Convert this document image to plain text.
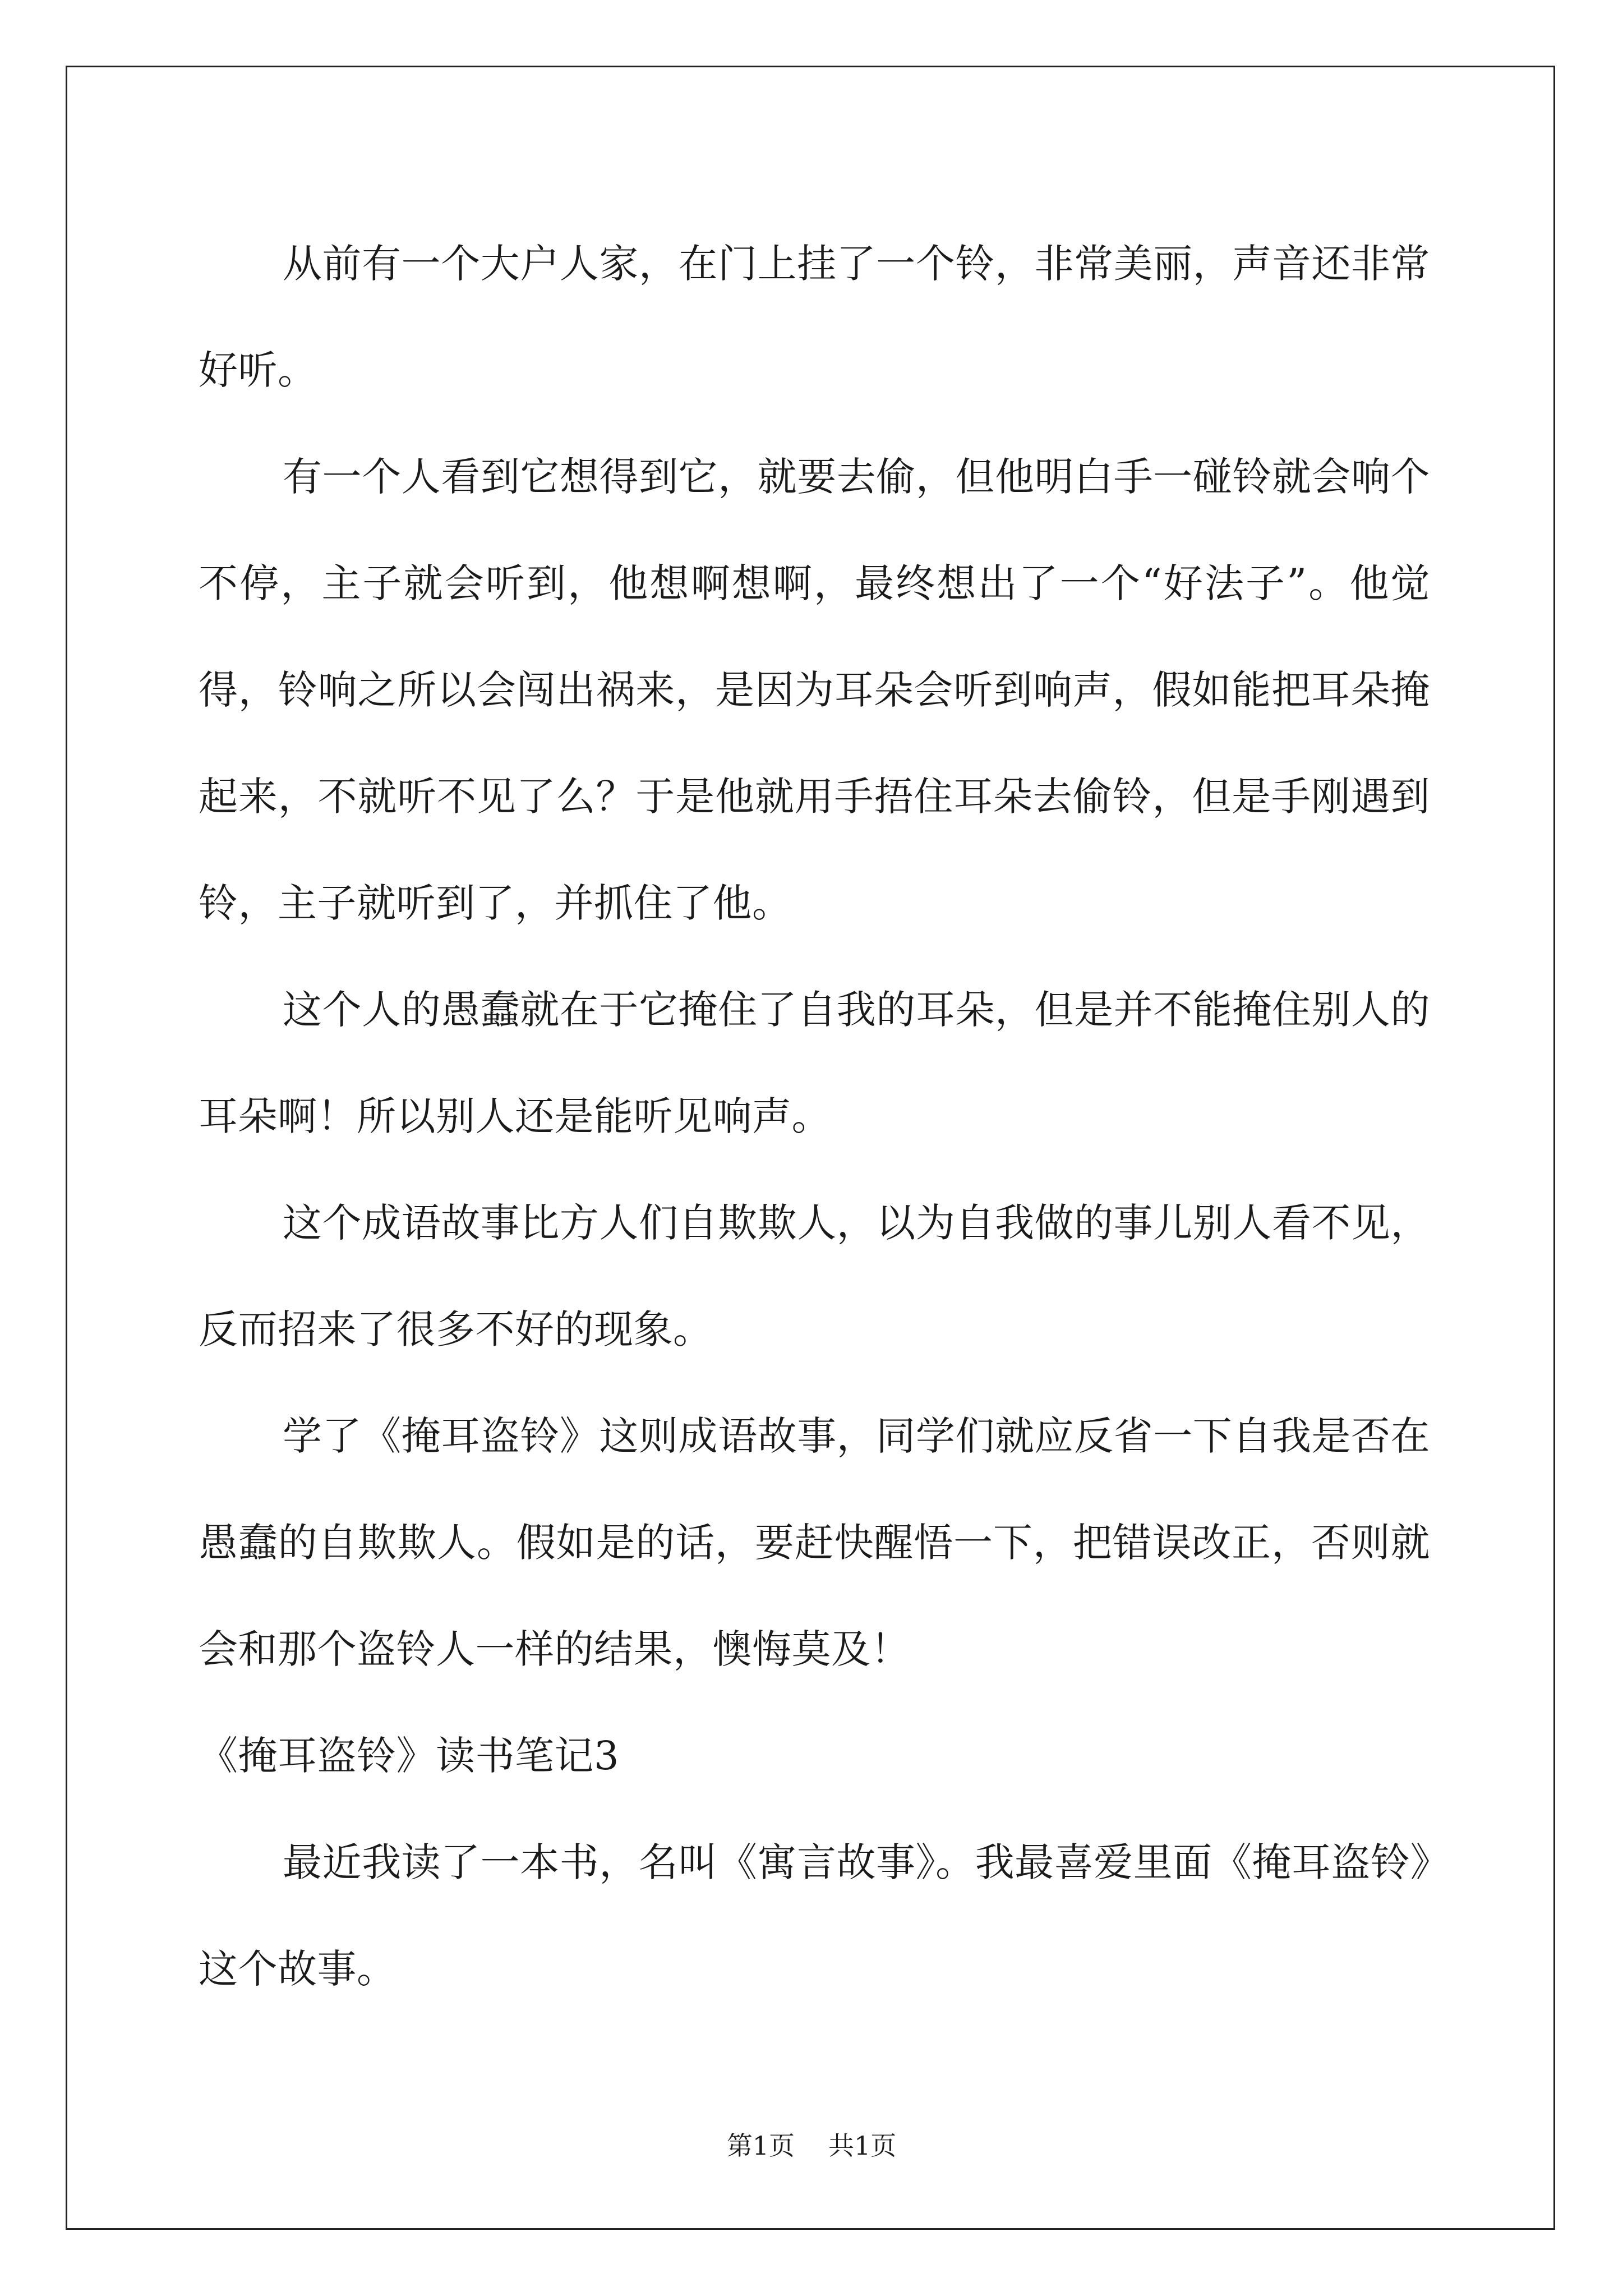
从前有一个大户人家，在门上挂了一个铃，非常美丽，声音还非常好听。

有一个人看到它想得到它，就要去偷，但他明白手一碰铃就会响个不停，主子就会听到，他想啊想啊，最终想出了一个“好法子”。他觉得，铃响之所以会闯出祸来，是因为耳朵会听到响声，假如能把耳朵掩起来，不就听不见了么？于是他就用手捂住耳朵去偷铃，但是手刚遇到铃，主子就听到了，并抓住了他。

这个人的愚蠢就在于它掩住了自我的耳朵，但是并不能掩住别人的耳朵啊！所以别人还是能听见响声。

这个成语故事比方人们自欺欺人，以为自我做的事儿别人看不见，反而招来了很多不好的现象。

学了《掩耳盗铃》这则成语故事，同学们就应反省一下自我是否在愚蠢的自欺欺人。假如是的话，要赶快醒悟一下，把错误改正，否则就会和那个盗铃人一样的结果，懊悔莫及！

《掩耳盗铃》读书笔记3

最近我读了一本书，名叫《寓言故事》。我最喜爱里面《掩耳盗铃》这个故事。

第1页 共1页
